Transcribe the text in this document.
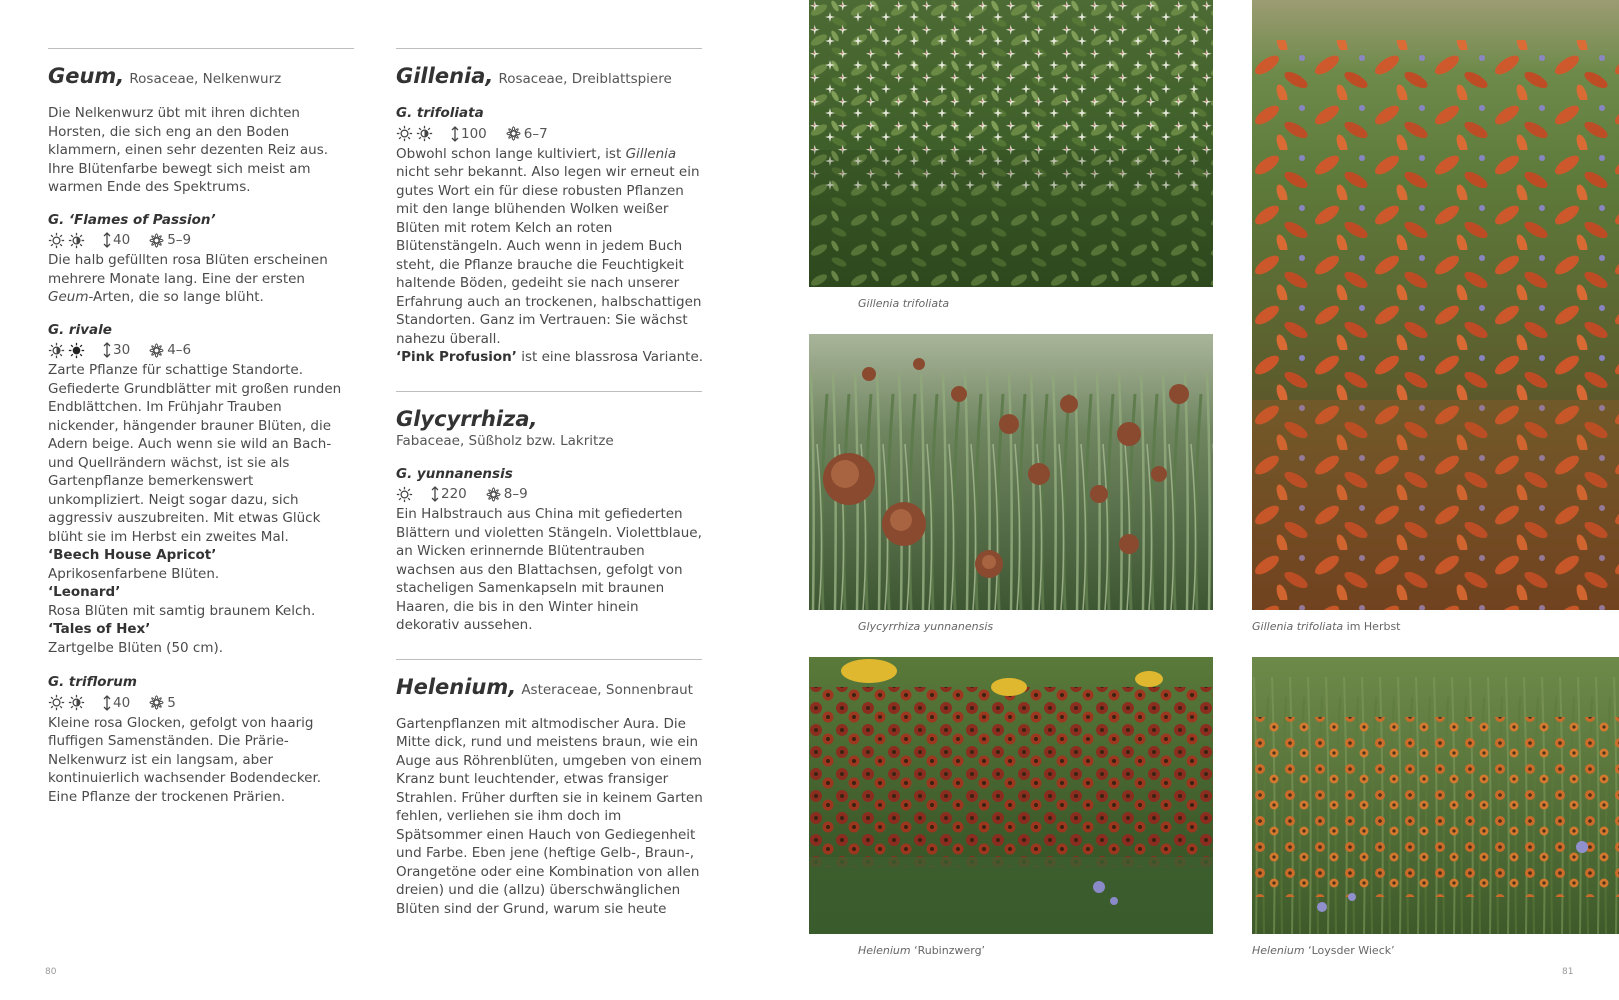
Geum, Rosaceae, Nelkenwurz

Die Nelkenwurz übt mit ihren dichten Horsten, die sich eng an den Boden klammern, einen sehr dezenten Reiz aus. Ihre Blütenfarbe bewegt sich meist am warmen Ende des Spektrums.

G. ‘Flames of Passion’
40	5–9

Die halb gefüllten rosa Blüten erscheinen mehrere Monate lang. Eine der ersten Geum-Arten, die so lange blüht.

G. rivale
30	4–6

Zarte Pflanze für schattige Standorte. Gefiederte Grundblätter mit großen runden Endblättchen. Im Frühjahr Trauben nickender, hängender brauner Blüten, die Adern beige. Auch wenn sie wild an Bach- und Quellrändern wächst, ist sie als Gartenpflanze bemerkenswert unkompliziert. Neigt sogar dazu, sich aggressiv auszubreiten. Mit etwas Glück blüht sie im Herbst ein zweites Mal.

‘Beech House Apricot’

Aprikosenfarbene Blüten.

‘Leonard’

Rosa Blüten mit samtig braunem Kelch.

‘Tales of Hex’

Zartgelbe Blüten (50 cm).

G. triflorum
40	5

Kleine rosa Glocken, gefolgt von haarig fluffigen Samenständen. Die Prärie-Nelkenwurz ist ein langsam, aber kontinuierlich wachsender Bodendecker. Eine Pflanze der trockenen Prärien.

Gillenia, Rosaceae, Dreiblattspiere
G. trifoliata
100	6–7

Obwohl schon lange kultiviert, ist Gillenia nicht sehr bekannt. Also legen wir erneut ein gutes Wort ein für diese robusten Pflanzen mit den lange blühenden Wolken weißer Blüten mit rotem Kelch an roten Blütenstängeln. Auch wenn in jedem Buch steht, die Pflanze brauche die Feuchtigkeit haltende Böden, gedeiht sie nach unserer Erfahrung auch an trockenen, halbschattigen Standorten. Ganz im Vertrauen: Sie wächst nahezu überall.

‘Pink Profusion’ ist eine blassrosa Variante.

Glycyrrhiza,
Fabaceae, Süßholz bzw. Lakritze
G. yunnanensis
220	8–9

Ein Halbstrauch aus China mit gefiederten Blättern und violetten Stängeln. Violettblaue, an Wicken erinnernde Blütentrauben wachsen aus den Blattachsen, gefolgt von stacheligen Samenkapseln mit braunen Haaren, die bis in den Winter hinein dekorativ aussehen.

Helenium, Asteraceae, Sonnenbraut

Gartenpflanzen mit altmodischer Aura. Die Mitte dick, rund und meistens braun, wie ein Auge aus Röhrenblüten, umgeben von einem Kranz bunt leuchtender, etwas fransiger Strahlen. Früher durften sie in keinem Garten fehlen, verliehen sie ihm doch im Spätsommer einen Hauch von Gediegenheit und Farbe. Eben jene (heftige Gelb-, Braun-, Orangetöne oder eine Kombination von allen dreien) und die (allzu) überschwänglichen Blüten sind der Grund, warum sie heute

80
Gillenia trifoliata
Glycyrrhiza yunnanensis	Gillenia trifoliata im Herbst
Helenium ‘Rubinzwerg’	Helenium ‘Loysder Wieck’
81
